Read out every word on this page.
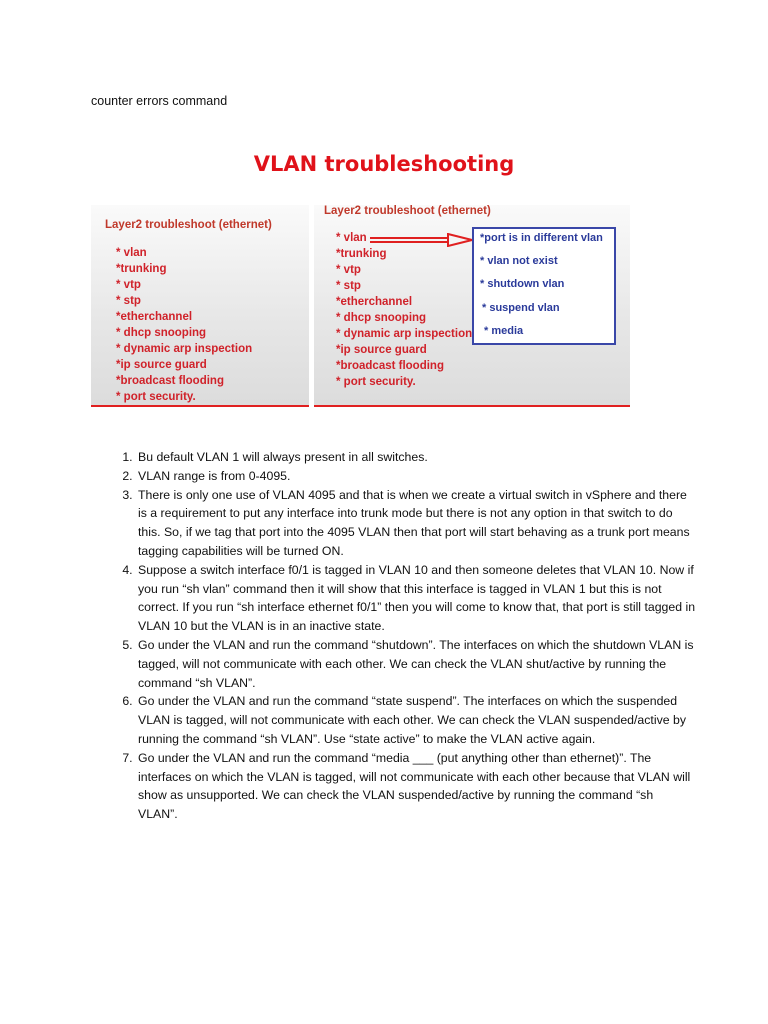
counter errors command
VLAN troubleshooting
Layer2 troubleshoot (ethernet)
* vlan
*trunking
* vtp
* stp
*etherchannel
* dhcp snooping
* dynamic arp inspection
*ip source guard
*broadcast flooding
* port security.
Layer2 troubleshoot (ethernet)
* vlan
*trunking
* vtp
* stp
*etherchannel
* dhcp snooping
* dynamic arp inspection
*ip source guard
*broadcast flooding
* port security.
*port is in different vlan
* vlan not exist
* shutdown vlan
* suspend vlan
* media
1. Bu default VLAN 1 will always present in all switches.
2. VLAN range is from 0-4095.
3. There is only one use of VLAN 4095 and that is when we create a virtual switch in vSphere and there is a requirement to put any interface into trunk mode but there is not any option in that switch to do this. So, if we tag that port into the 4095 VLAN then that port will start behaving as a trunk port means tagging capabilities will be turned ON.
4. Suppose a switch interface f0/1 is tagged in VLAN 10 and then someone deletes that VLAN 10. Now if you run “sh vlan” command then it will show that this interface is tagged in VLAN 1 but this is not correct. If you run “sh interface ethernet f0/1” then you will come to know that, that port is still tagged in VLAN 10 but the VLAN is in an inactive state.
5. Go under the VLAN and run the command “shutdown”. The interfaces on which the shutdown VLAN is tagged, will not communicate with each other. We can check the VLAN shut/active by running the command “sh VLAN”.
6. Go under the VLAN and run the command “state suspend”. The interfaces on which the suspended VLAN is tagged, will not communicate with each other. We can check the VLAN suspended/active by running the command “sh VLAN”. Use “state active” to make the VLAN active again.
7. Go under the VLAN and run the command “media ___ (put anything other than ethernet)”. The interfaces on which the VLAN is tagged, will not communicate with each other because that VLAN will show as unsupported. We can check the VLAN suspended/active by running the command “sh VLAN”.
